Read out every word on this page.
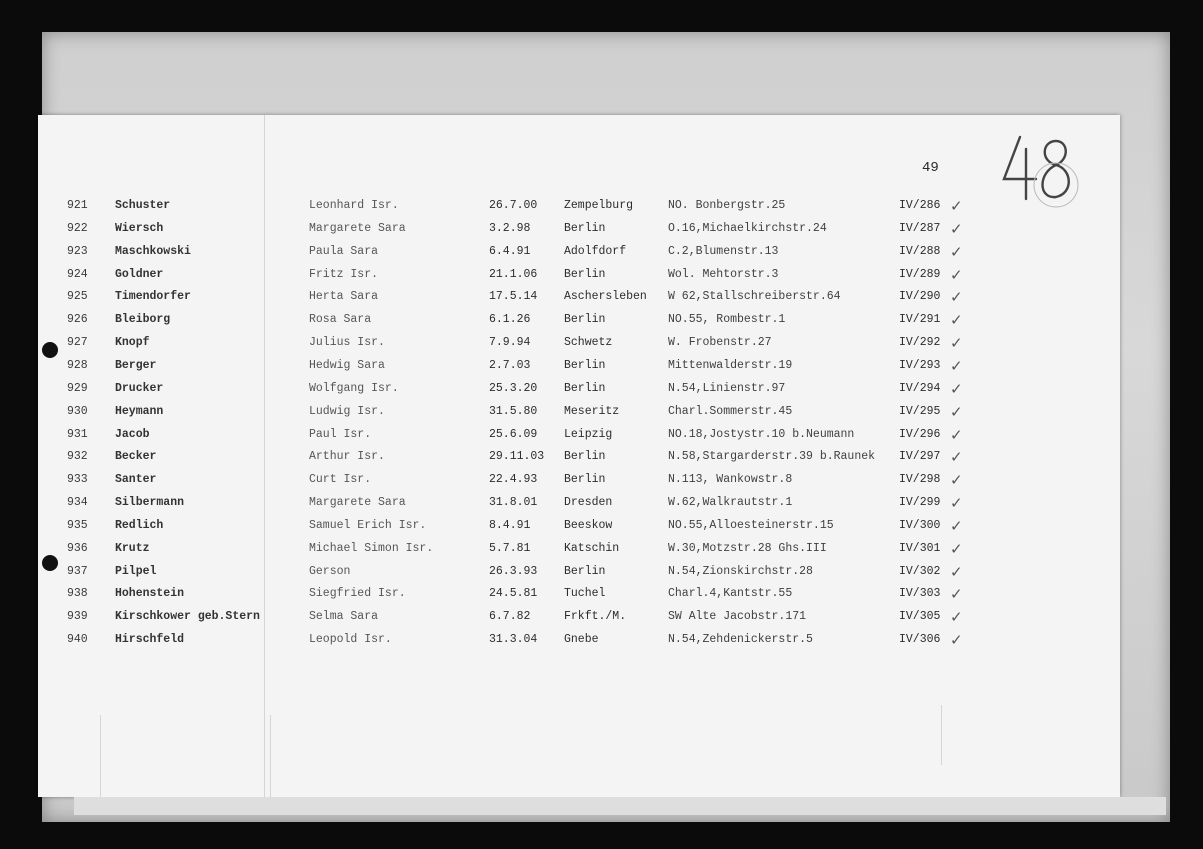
49
921	Schuster	Leonhard Isr.	26.7.00	Zempelburg	NO. Bonbergstr.25	IV/286 ✓
922	Wiersch	Margarete Sara	3.2.98	Berlin	O.16,Michaelkirchstr.24	IV/287 ✓
923	Maschkowski	Paula Sara	6.4.91	Adolfdorf	C.2,Blumenstr.13	IV/288 ✓
924	Goldner	Fritz Isr.	21.1.06	Berlin	Wol. Mehtorstr.3	IV/289 ✓
925	Timendorfer	Herta Sara	17.5.14	Aschersleben	W 62,Stallschreiberstr.64	IV/290 ✓
926	Bleiborg	Rosa Sara	6.1.26	Berlin	NO.55, Rombestr.1	IV/291 ✓
927	Knopf	Julius Isr.	7.9.94	Schwetz	W. Frobenstr.27	IV/292 ✓
928	Berger	Hedwig Sara	2.7.03	Berlin	Mittenwalderstr.19	IV/293 ✓
929	Drucker	Wolfgang Isr.	25.3.20	Berlin	N.54,Linienstr.97	IV/294 ✓
930	Heymann	Ludwig Isr.	31.5.80	Meseritz	Charl.Sommerstr.45	IV/295 ✓
931	Jacob	Paul Isr.	25.6.09	Leipzig	NO.18,Jostystr.10 b.Neumann	IV/296 ✓
932	Becker	Arthur Isr.	29.11.03	Berlin	N.58,Stargarderstr.39 b.Raunek	IV/297 ✓
933	Santer	Curt Isr.	22.4.93	Berlin	N.113, Wankowstr.8	IV/298 ✓
934	Silbermann	Margarete Sara	31.8.01	Dresden	W.62,Walkrautstr.1	IV/299 ✓
935	Redlich	Samuel Erich Isr.	8.4.91	Beeskow	NO.55,Alloesteinerstr.15	IV/300 ✓
936	Krutz	Michael Simon Isr.	5.7.81	Katschin	W.30,Motzstr.28 Ghs.III	IV/301 ✓
937	Pilpel	Gerson	26.3.93	Berlin	N.54,Zionskirchstr.28	IV/302 ✓
938	Hohenstein	Siegfried Isr.	24.5.81	Tuchel	Charl.4,Kantstr.55	IV/303 ✓
939	Kirschkower geb.Stern	Selma Sara	6.7.82	Frkft./M.	SW Alte Jacobstr.171	IV/305 ✓
940	Hirschfeld	Leopold Isr.	31.3.04	Gnebe	N.54,Zehdenickerstr.5	IV/306 ✓
